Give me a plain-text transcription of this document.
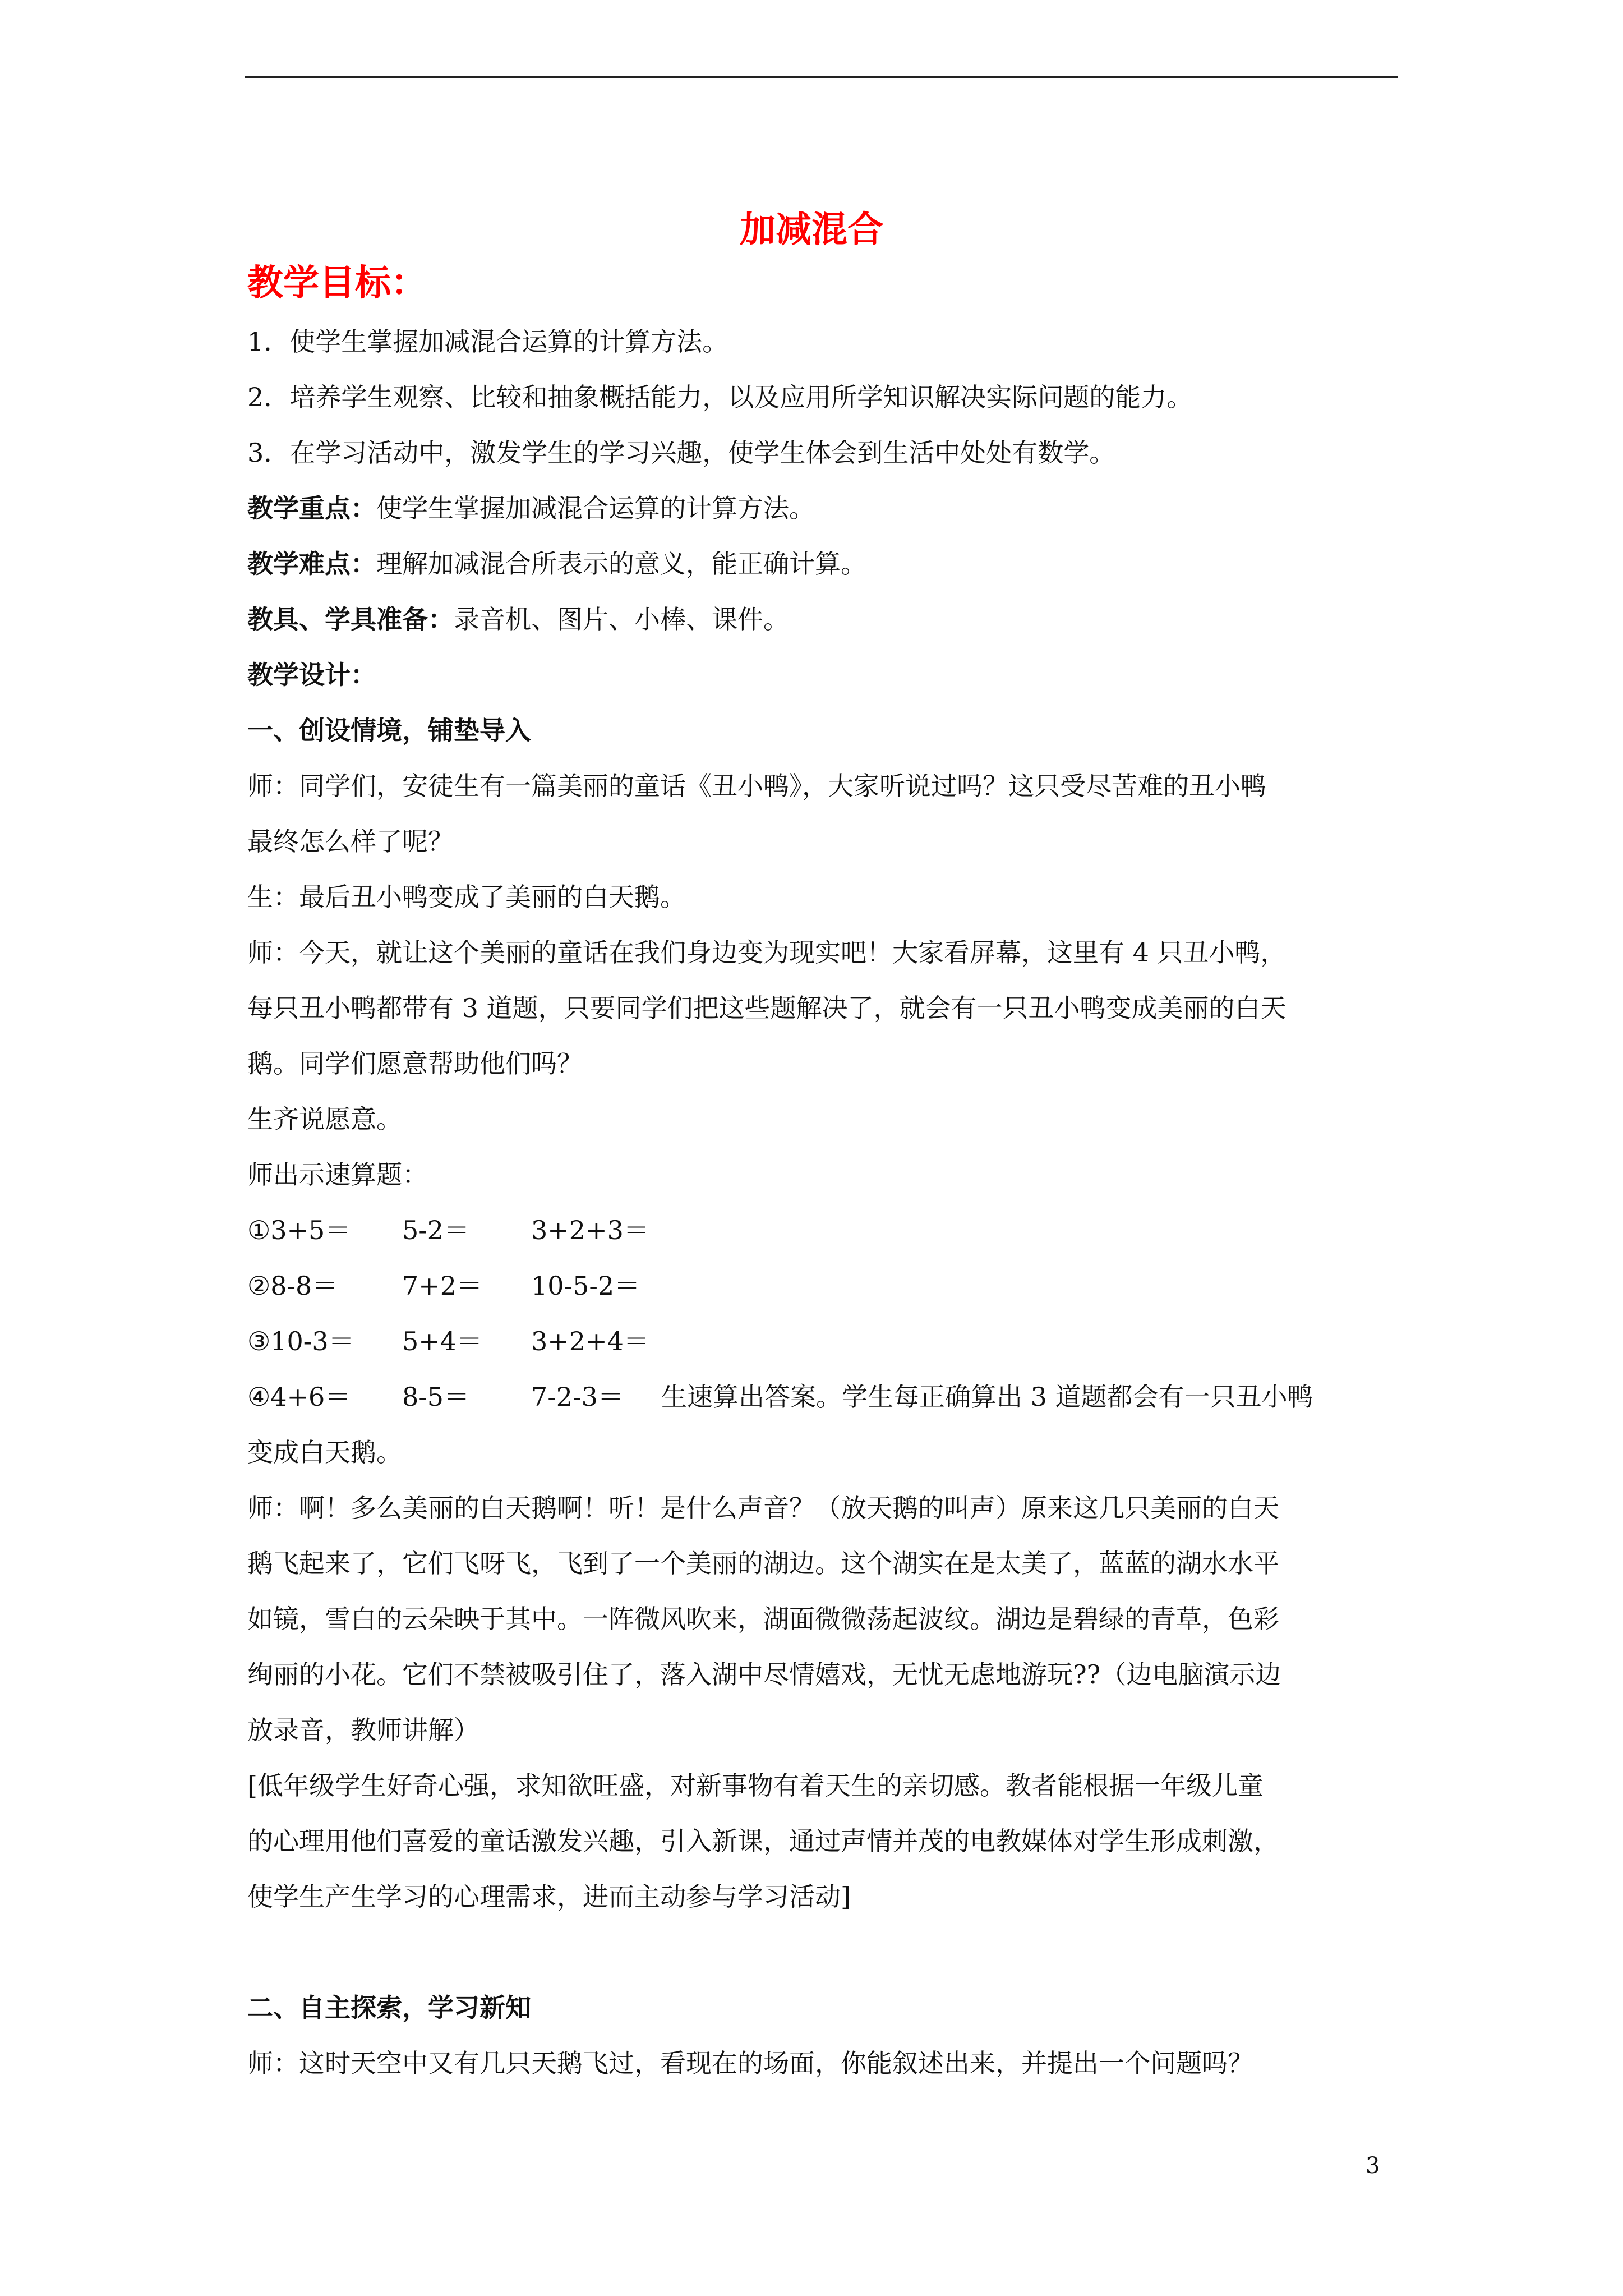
加减混合
教学目标：

1．使学生掌握加减混合运算的计算方法。

2．培养学生观察、比较和抽象概括能力，以及应用所学知识解决实际问题的能力。

3．在学习活动中，激发学生的学习兴趣，使学生体会到生活中处处有数学。

教学重点：使学生掌握加减混合运算的计算方法。

教学难点：理解加减混合所表示的意义，能正确计算。

教具、学具准备：录音机、图片、小棒、课件。

教学设计：

一、创设情境，铺垫导入

师：同学们，安徒生有一篇美丽的童话《丑小鸭》，大家听说过吗？这只受尽苦难的丑小鸭

最终怎么样了呢？

生：最后丑小鸭变成了美丽的白天鹅。

师：今天，就让这个美丽的童话在我们身边变为现实吧！大家看屏幕，这里有 4 只丑小鸭，

每只丑小鸭都带有 3 道题，只要同学们把这些题解决了，就会有一只丑小鸭变成美丽的白天

鹅。同学们愿意帮助他们吗？

生齐说愿意。

师出示速算题：

①3+5＝ 5-2＝ 3+2+3＝

②8-8＝ 7+2＝ 10-5-2＝

③10-3＝ 5+4＝ 3+2+4＝

④4+6＝ 8-5＝ 7-2-3＝ 生速算出答案。学生每正确算出 3 道题都会有一只丑小鸭

变成白天鹅。

师：啊！多么美丽的白天鹅啊！听！是什么声音？（放天鹅的叫声）原来这几只美丽的白天

鹅飞起来了，它们飞呀飞，飞到了一个美丽的湖边。这个湖实在是太美了，蓝蓝的湖水水平

如镜，雪白的云朵映于其中。一阵微风吹来，湖面微微荡起波纹。湖边是碧绿的青草，色彩

绚丽的小花。它们不禁被吸引住了，落入湖中尽情嬉戏，无忧无虑地游玩??（边电脑演示边

放录音，教师讲解）

[低年级学生好奇心强，求知欲旺盛，对新事物有着天生的亲切感。教者能根据一年级儿童

的心理用他们喜爱的童话激发兴趣，引入新课，通过声情并茂的电教媒体对学生形成刺激，

使学生产生学习的心理需求，进而主动参与学习活动]

二、自主探索，学习新知

师：这时天空中又有几只天鹅飞过，看现在的场面，你能叙述出来，并提出一个问题吗？

3
